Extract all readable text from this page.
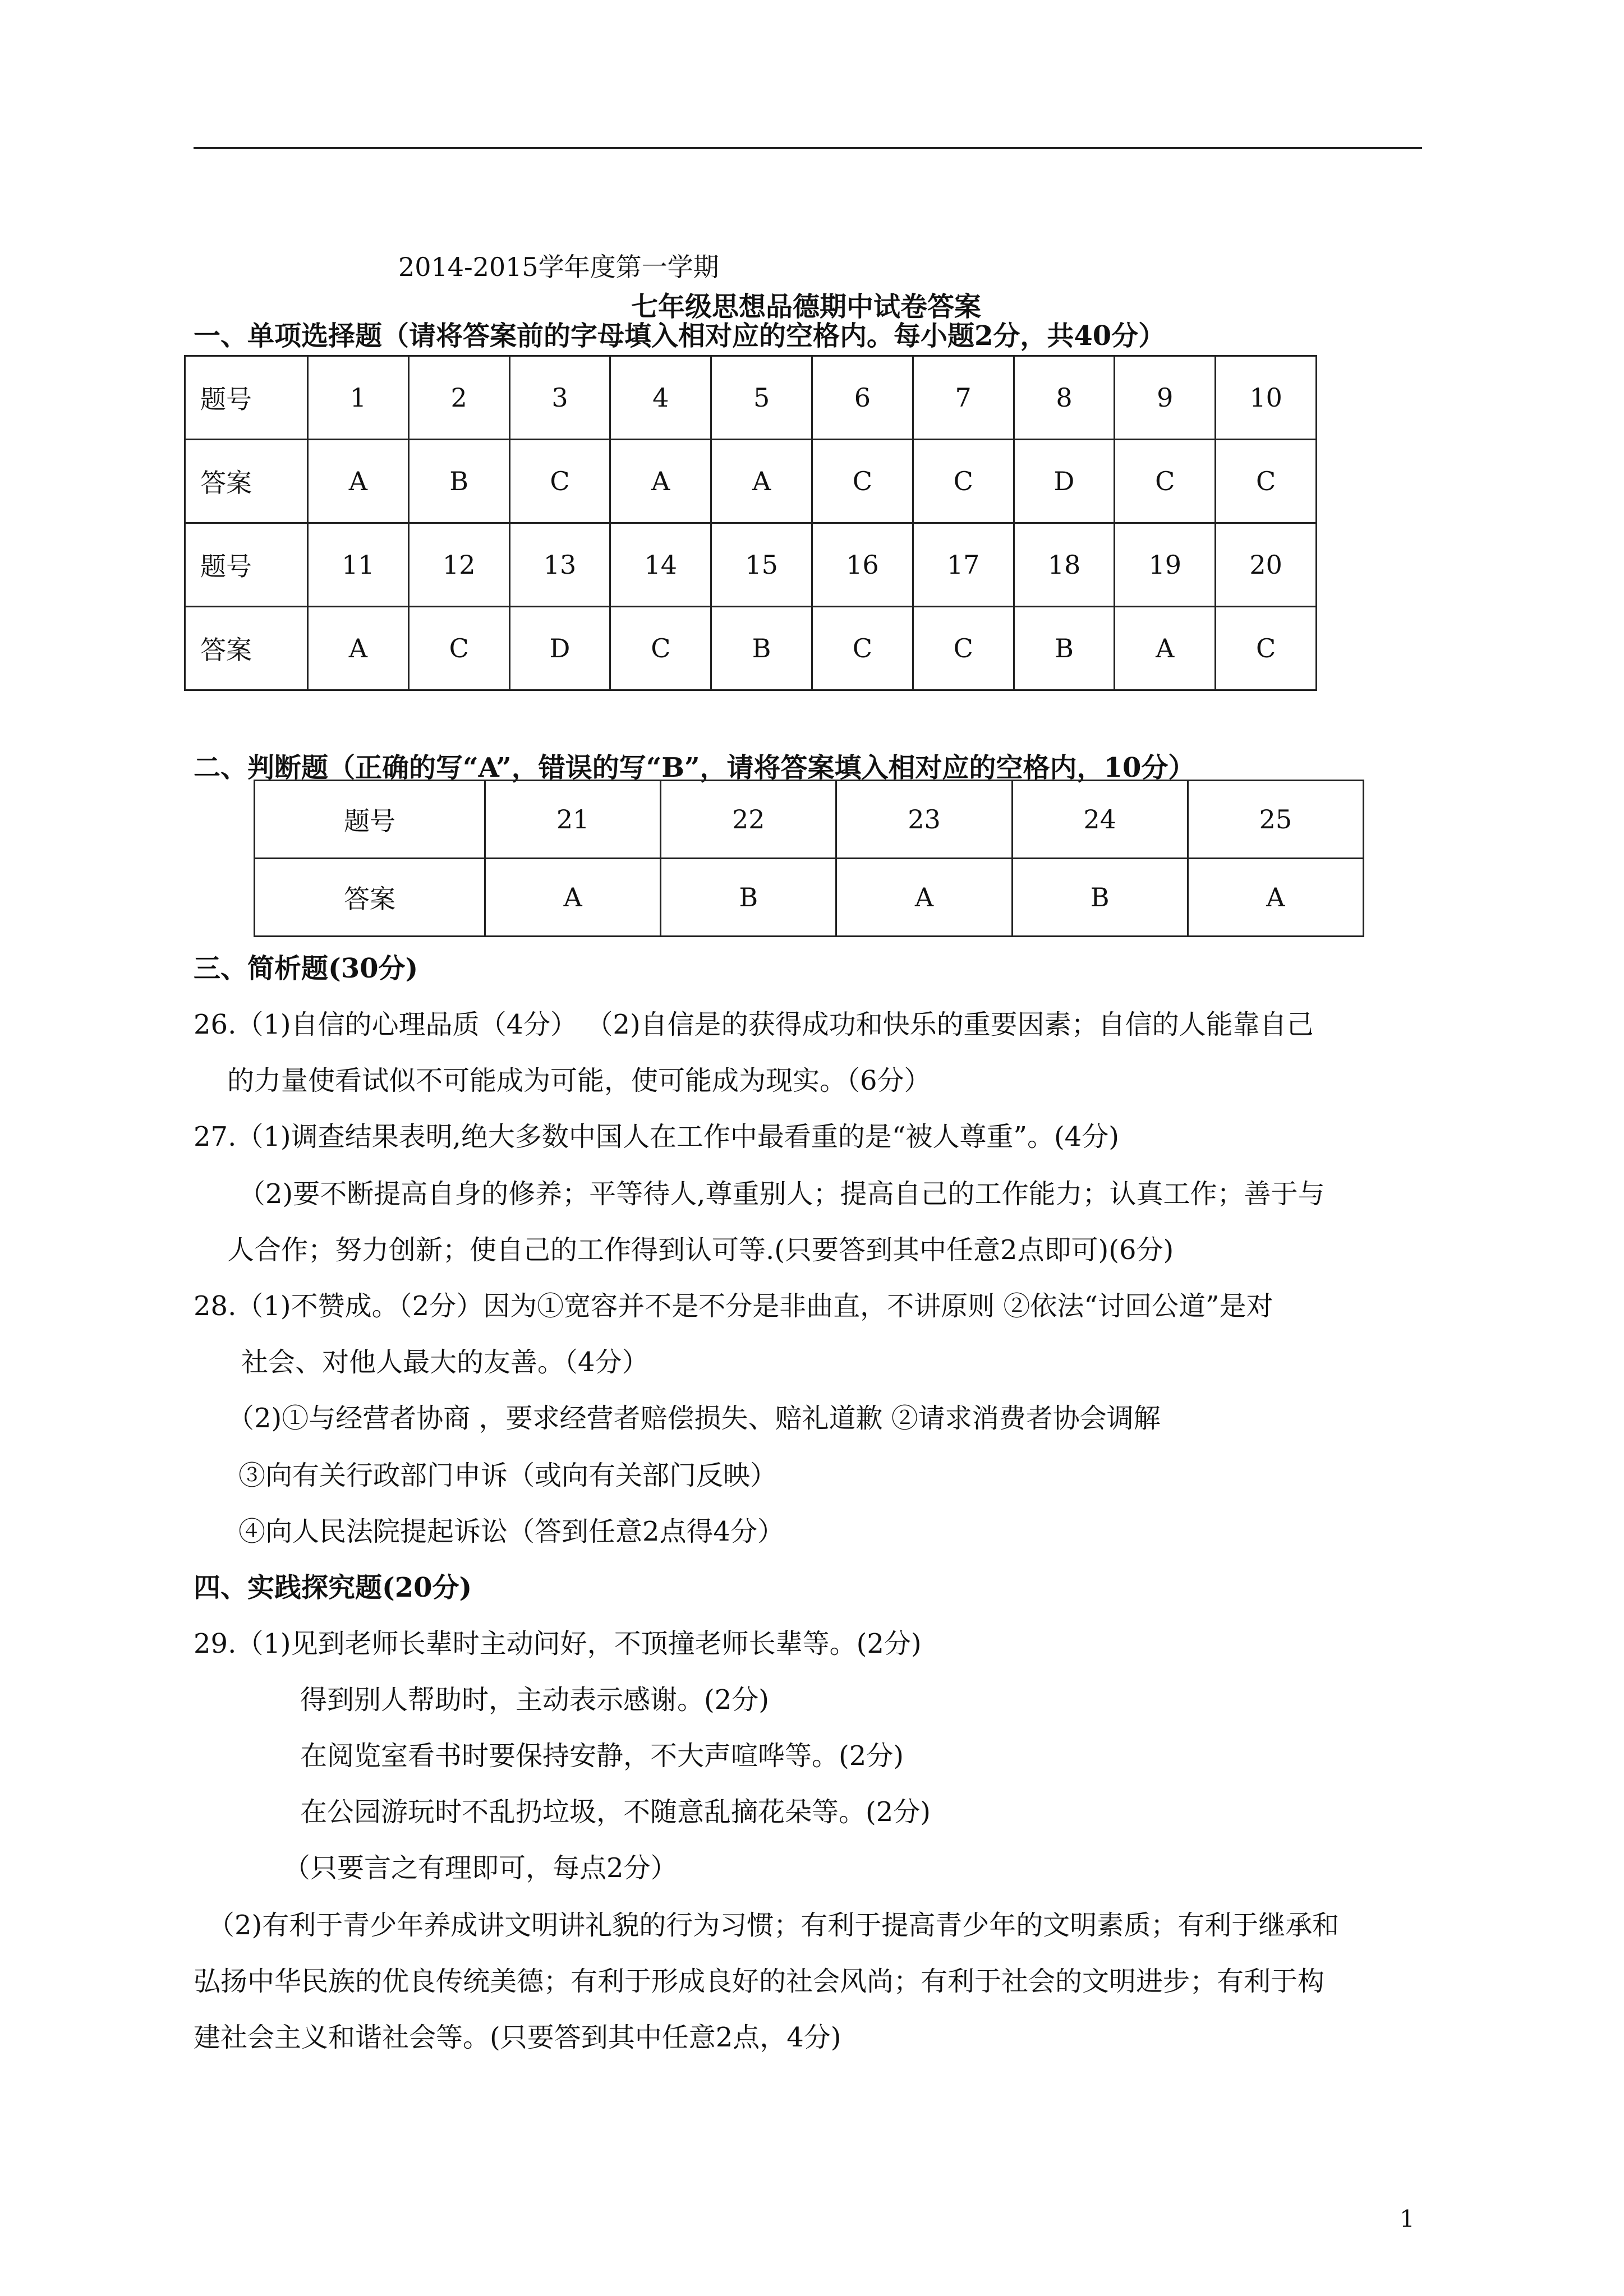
2014-2015学年度第一学期
七年级思想品德期中试卷答案
一、单项选择题（请将答案前的字母填入相对应的空格内。每小题2分，共40分）
题号	1	2	3	4	5	6	7	8	9	10
答案	A	B	C	A	A	C	C	D	C	C
题号	11	12	13	14	15	16	17	18	19	20
答案	A	C	D	C	B	C	C	B	A	C
二、判断题（正确的写“A”，错误的写“B”，请将答案填入相对应的空格内，10分）
题号	21	22	23	24	25
答案	A	B	A	B	A
三、简析题(30分)
26.（1)自信的心理品质（4分） （2)自信是的获得成功和快乐的重要因素；自信的人能靠自己
的力量使看试似不可能成为可能，使可能成为现实。（6分）
27.（1)调查结果表明,绝大多数中国人在工作中最看重的是“被人尊重”。(4分)
（2)要不断提高自身的修养；平等待人,尊重别人；提高自己的工作能力；认真工作；善于与
人合作；努力创新；使自己的工作得到认可等.(只要答到其中任意2点即可)(6分)
28.（1)不赞成。（2分）因为①宽容并不是不分是非曲直，不讲原则 ②依法“讨回公道”是对
社会、对他人最大的友善。（4分）
（2)①与经营者协商 ，要求经营者赔偿损失、赔礼道歉 ②请求消费者协会调解
③向有关行政部门申诉（或向有关部门反映）
④向人民法院提起诉讼（答到任意2点得4分）
四、实践探究题(20分)
29.（1)见到老师长辈时主动问好，不顶撞老师长辈等。(2分)
得到别人帮助时，主动表示感谢。(2分)
在阅览室看书时要保持安静，不大声喧哗等。(2分)
在公园游玩时不乱扔垃圾，不随意乱摘花朵等。(2分)
（只要言之有理即可，每点2分）
（2)有利于青少年养成讲文明讲礼貌的行为习惯；有利于提高青少年的文明素质；有利于继承和
弘扬中华民族的优良传统美德；有利于形成良好的社会风尚；有利于社会的文明进步；有利于构
建社会主义和谐社会等。(只要答到其中任意2点，4分)
1
